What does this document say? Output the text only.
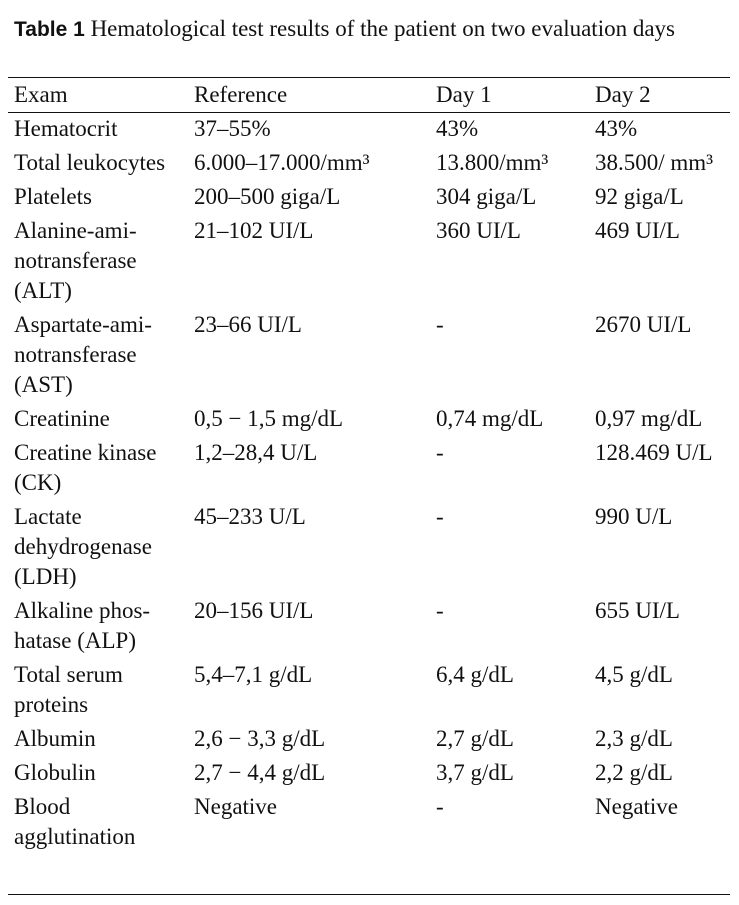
Table 1 Hematological test results of the patient on two evaluation days
Exam	Reference	Day 1	Day 2

Hematocrit	37–55%	43%	43%

Total leukocytes	6.000–17.000/mm³	13.800/mm³	38.500/ mm³

Platelets	200–500 giga/L	304 giga/L	92 giga/L

Alanine-ami- notransferase (ALT)	21–102 UI/L	360 UI/L	469 UI/L

Aspartate-ami- notransferase (AST)	23–66 UI/L	-	2670 UI/L

Creatinine	0,5 − 1,5 mg/dL	0,74 mg/dL	0,97 mg/dL

Creatine kinase (CK)	1,2–28,4 U/L	-	128.469 U/L

Lactate dehydrogenase (LDH)	45–233 U/L	-	990 U/L

Alkaline phos- hatase (ALP)	20–156 UI/L	-	655 UI/L

Total serum proteins	5,4–7,1 g/dL	6,4 g/dL	4,5 g/dL

Albumin	2,6 − 3,3 g/dL	2,7 g/dL	2,3 g/dL

Globulin	2,7 − 4,4 g/dL	3,7 g/dL	2,2 g/dL

Blood agglutination	Negative	-	Negative
